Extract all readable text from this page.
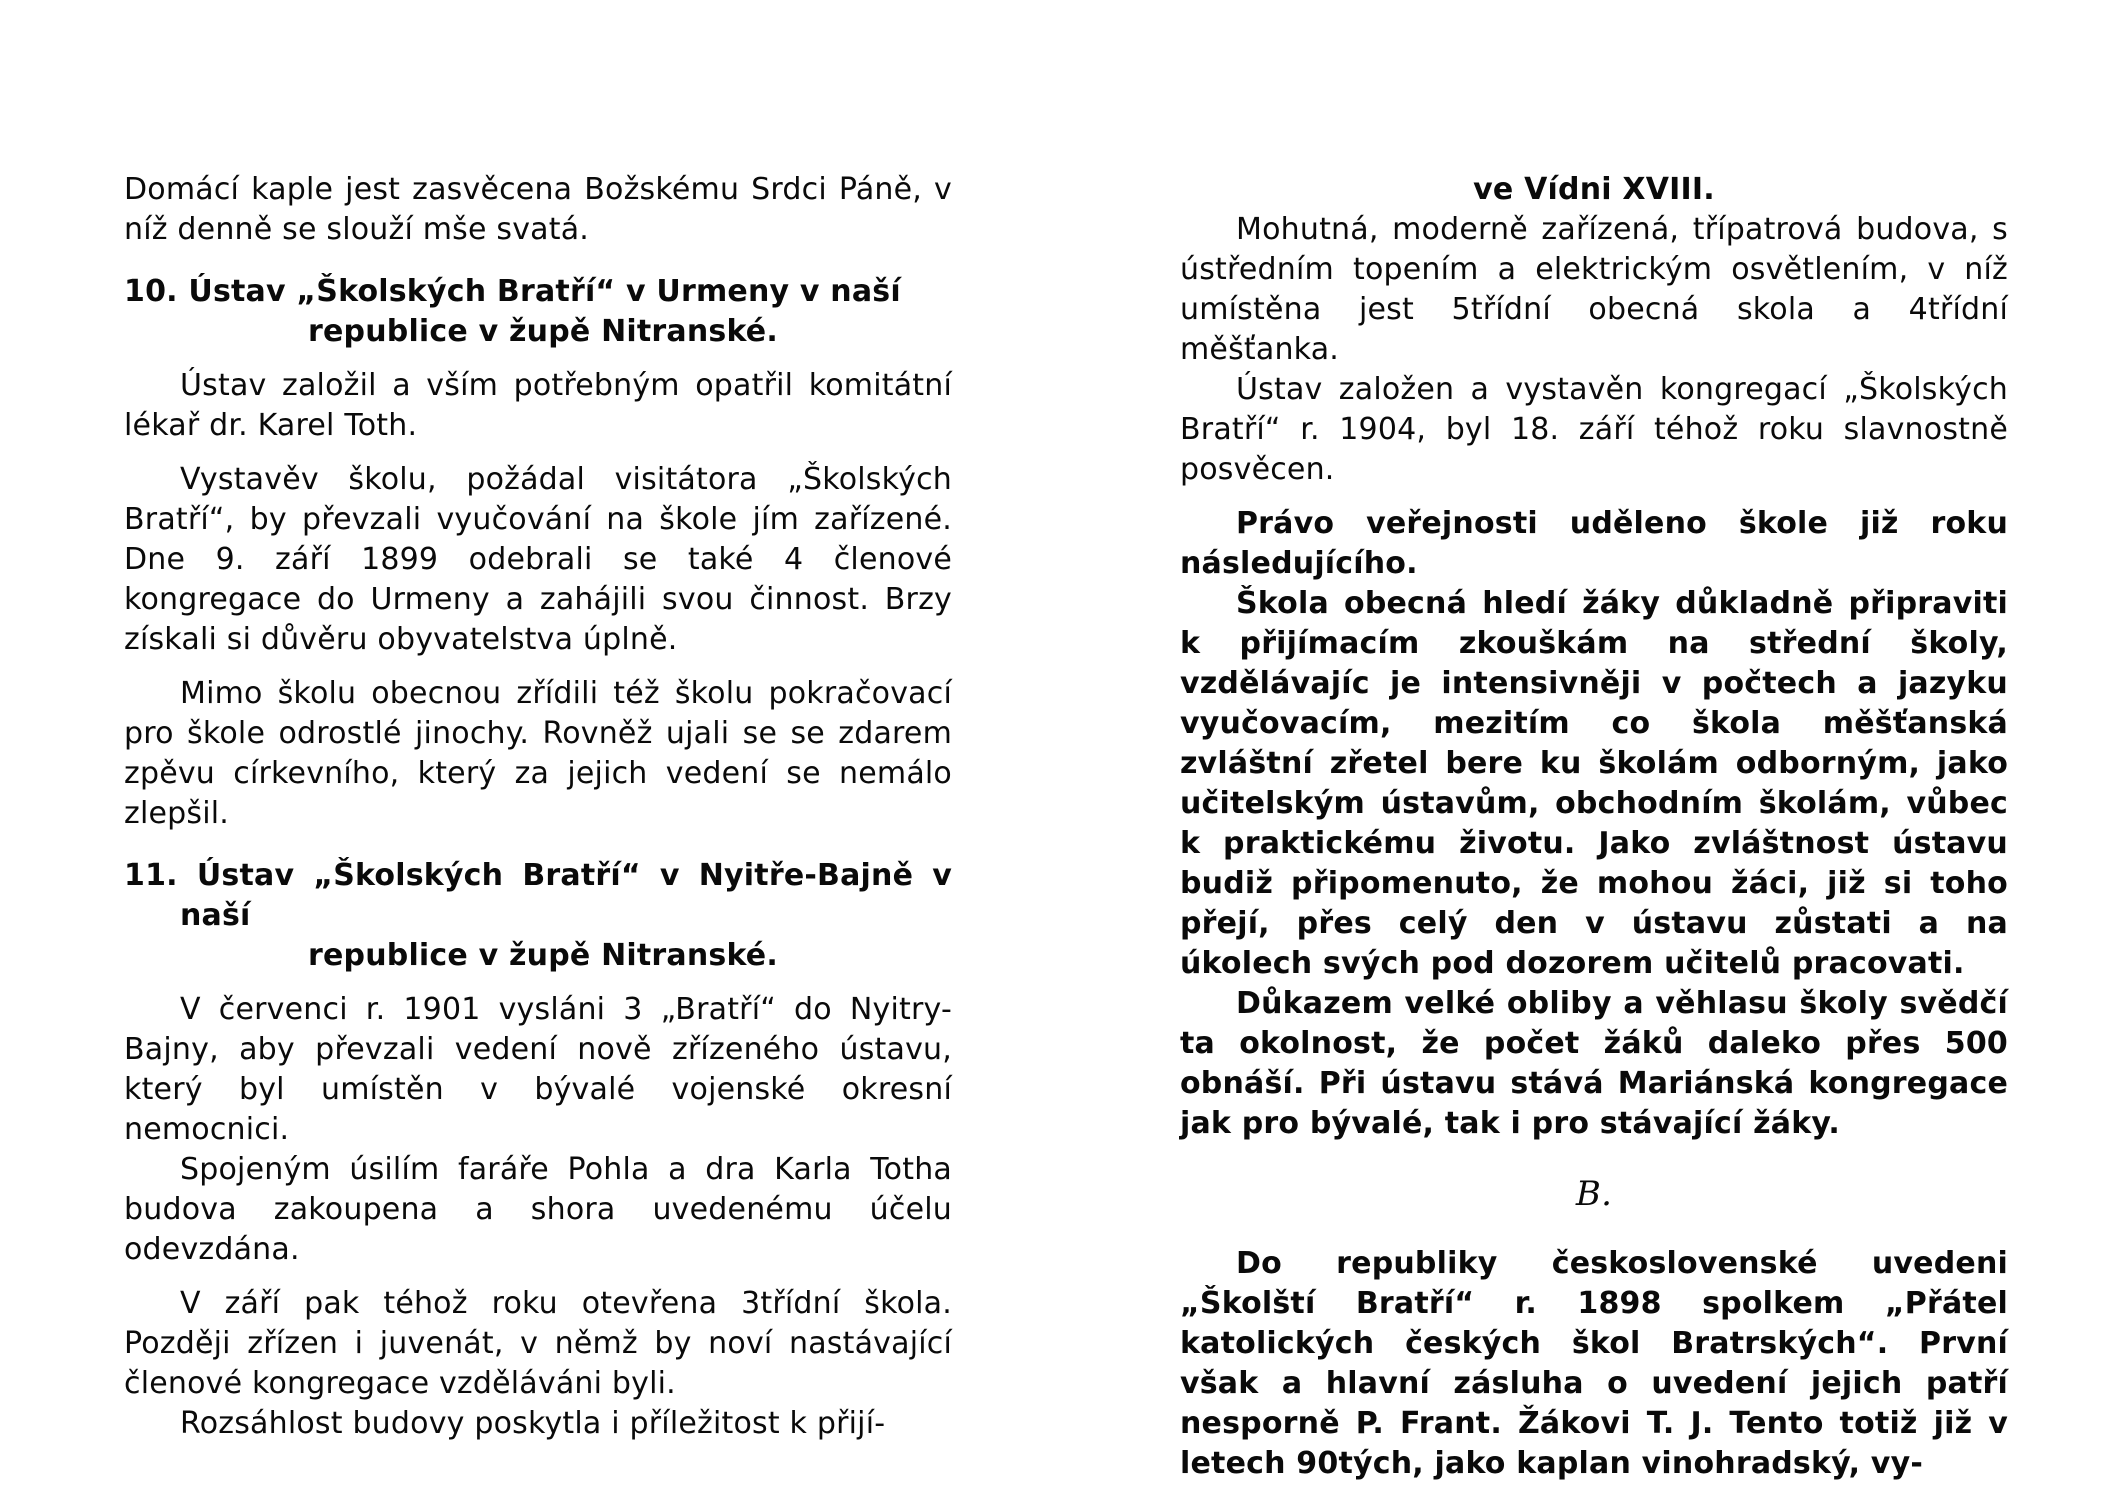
Domácí kaple jest zasvěcena Božskému Srdci Páně, v níž denně se slouží mše svatá.

10. Ústav „Školských Bratří“ v Urmeny v naší
republice v župě Nitranské.

Ústav založil a vším potřebným opatřil komitátní lékař dr. Karel Toth.

Vystavěv školu, požádal visitátora „Školských Bratří“, by převzali vyučování na škole jím zařízené. Dne 9. září 1899 odebrali se také 4 členové kongregace do Urmeny a zahájili svou činnost. Brzy získali si důvěru obyvatelstva úplně.

Mimo školu obecnou zřídili též školu pokračovací pro škole odrostlé jinochy. Rovněž ujali se se zdarem zpěvu církevního, který za jejich vedení se nemálo zlepšil.

11. Ústav „Školských Bratří“ v Nyitře-Bajně v naší
republice v župě Nitranské.

V červenci r. 1901 vysláni 3 „Bratří“ do Nyitry-Bajny, aby převzali vedení nově zřízeného ústavu, který byl umístěn v bývalé vojenské okresní nemocnici.

Spojeným úsilím faráře Pohla a dra Karla Totha budova zakoupena a shora uvedenému účelu odevzdána.

V září pak téhož roku otevřena 3třídní škola. Později zřízen i juvenát, v němž by noví nastávající členové kongregace vzděláváni byli.

Rozsáhlost budovy poskytla i příležitost k přijí-

ve Vídni XVIII.

Mohutná, moderně zařízená, třípatrová budova, s ústředním topením a elektrickým osvětlením, v níž umístěna jest 5třídní obecná skola a 4třídní měšťanka.

Ústav založen a vystavěn kongregací „Školských Bratří“ r. 1904, byl 18. září téhož roku slavnostně posvěcen.

Právo veřejnosti uděleno škole již roku následujícího.

Škola obecná hledí žáky důkladně připraviti k přijímacím zkouškám na střední školy, vzdělávajíc je intensivněji v počtech a jazyku vyučovacím, mezitím co škola měšťanská zvláštní zřetel bere ku školám odborným, jako učitelským ústavům, obchodním školám, vůbec k praktickému životu. Jako zvláštnost ústavu budiž připomenuto, že mohou žáci, již si toho přejí, přes celý den v ústavu zůstati a na úkolech svých pod dozorem učitelů pracovati.

Důkazem velké obliby a věhlasu školy svědčí ta okolnost, že počet žáků daleko přes 500 obnáší. Při ústavu stává Mariánská kongregace jak pro bývalé, tak i pro stávající žáky.

B.

Do republiky československé uvedeni „Školští Bratří“ r. 1898 spolkem „Přátel katolických českých škol Bratrských“. První však a hlavní zásluha o uvedení jejich patří nesporně P. Frant. Žákovi T. J. Tento totiž již v letech 90tých, jako kaplan vinohradský, vy-
